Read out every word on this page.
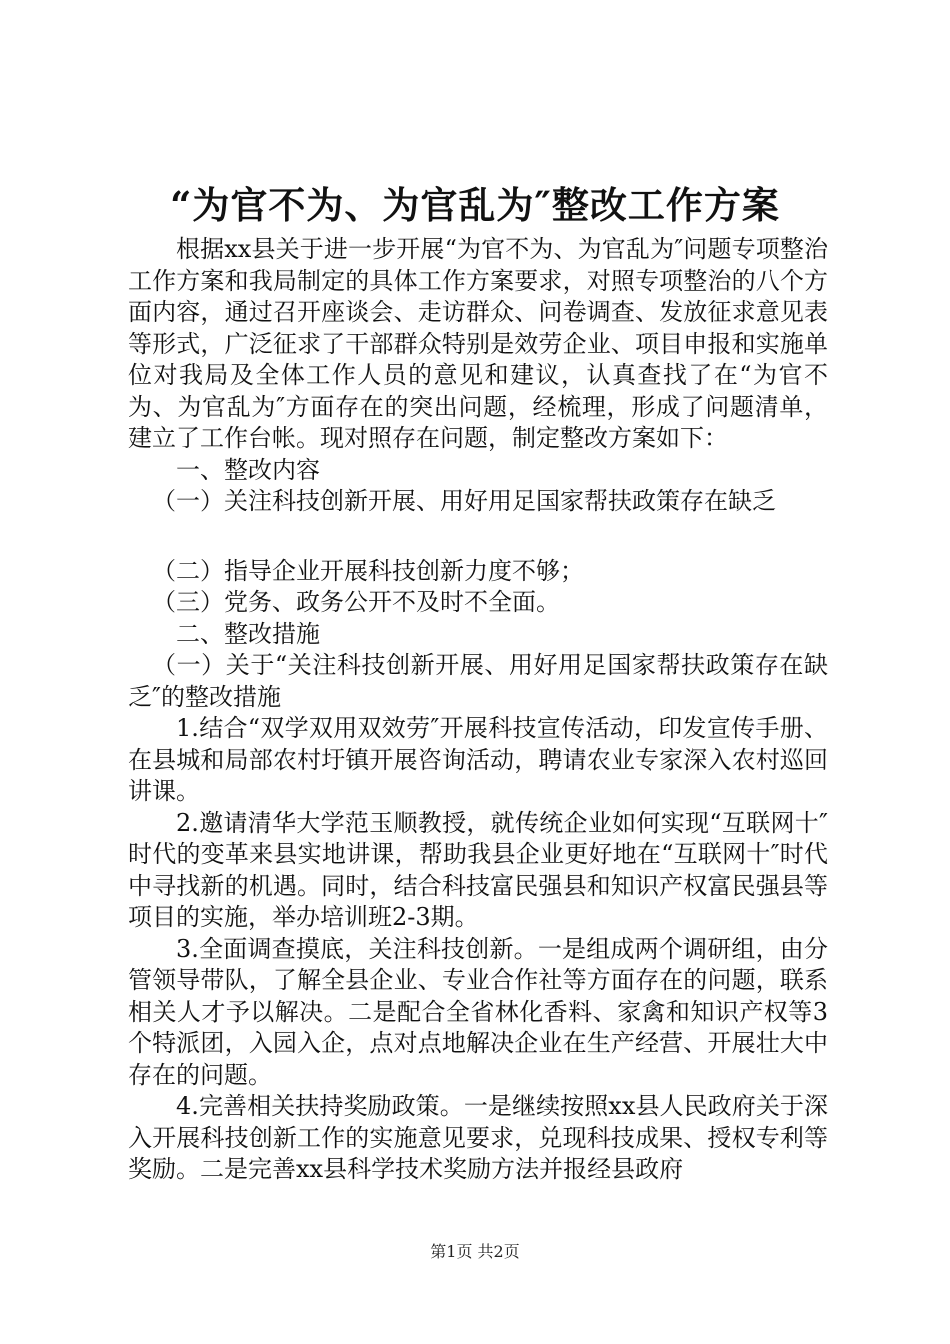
“为官不为、为官乱为″整改工作方案

根据xx县关于进一步开展“为官不为、为官乱为″问题专项整治工作方案和我局制定的具体工作方案要求，对照专项整治的八个方面内容，通过召开座谈会、走访群众、问卷调查、发放征求意见表等形式，广泛征求了干部群众特别是效劳企业、项目申报和实施单位对我局及全体工作人员的意见和建议，认真查找了在“为官不为、为官乱为″方面存在的突出问题，经梳理，形成了问题清单，建立了工作台帐。现对照存在问题，制定整改方案如下：

一、整改内容

（一）关注科技创新开展、用好用足国家帮扶政策存在缺乏

（二）指导企业开展科技创新力度不够；

（三）党务、政务公开不及时不全面。

二、整改措施

（一）关于“关注科技创新开展、用好用足国家帮扶政策存在缺乏″的整改措施

1.结合“双学双用双效劳″开展科技宣传活动，印发宣传手册、在县城和局部农村圩镇开展咨询活动，聘请农业专家深入农村巡回讲课。

2.邀请清华大学范玉顺教授，就传统企业如何实现“互联网十″时代的变革来县实地讲课，帮助我县企业更好地在“互联网十″时代中寻找新的机遇。同时，结合科技富民强县和知识产权富民强县等项目的实施，举办培训班2-3期。

3.全面调查摸底，关注科技创新。一是组成两个调研组，由分管领导带队，了解全县企业、专业合作社等方面存在的问题，联系相关人才予以解决。二是配合全省林化香料、家禽和知识产权等3个特派团，入园入企，点对点地解决企业在生产经营、开展壮大中存在的问题。

4.完善相关扶持奖励政策。一是继续按照xx县人民政府关于深入开展科技创新工作的实施意见要求，兑现科技成果、授权专利等奖励。二是完善xx县科学技术奖励方法并报经县政府

第1页 共2页
